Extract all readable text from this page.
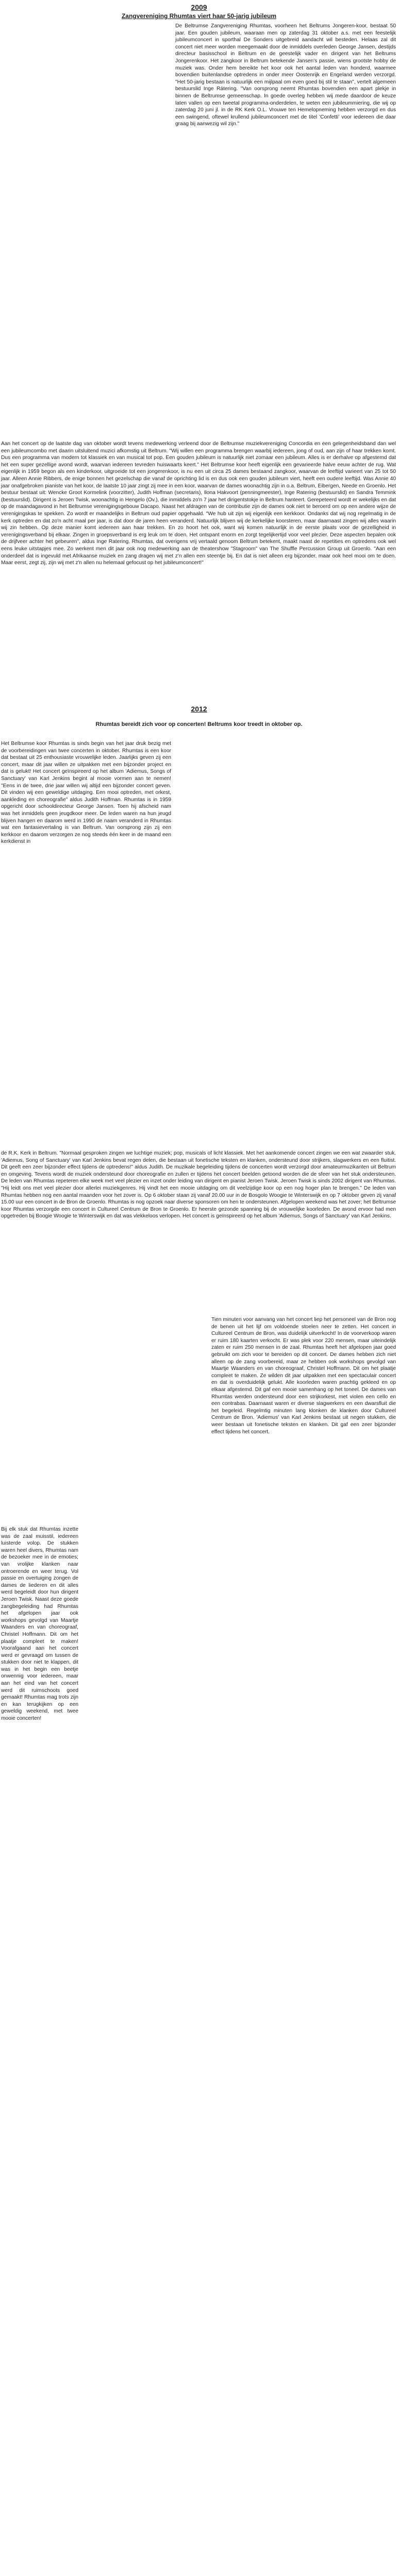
2009
Zangvereniging Rhumtas viert haar 50-jarig jubileum

De Beltrumse Zangvereniging Rhumtas, voorheen het Beltrums Jongeren-koor, bestaat 50 jaar. Een gouden jubileum, waaraan men op zaterdag 31 oktober a.s. met een feestelijk jubileumconcert in sporthal De Sonders uitgebreid aandacht wil besteden. Helaas zal dit concert niet meer worden meegemaakt door de inmiddels overleden George Jansen, destijds directeur basisschool in Beltrum en de geestelijk vader en dirigent van het Beltrums Jongerenkoor. Het zangkoor in Beltrum betekende Jansen's passie, wiens grootste hobby de muziek was. Onder hem bereikte het koor ook het aantal leden van honderd, waarmee bovendien buitenlandse optredens in onder meer Oostenrijk en Engeland werden verzorgd. "Het 50-jarig bestaan is natuurlijk een mijlpaal om even goed bij stil te staan", vertelt algemeen bestuurslid Inge Rátering. "Van oorsprong neemt Rhumtas bovendien een apart plekje in binnen de Beltrumse gemeenschap. In goede overleg hebben wij mede daardoor de keuze laten vallen op een tweetal programma-onderdelen, te weten een jubileummiering, die wij op zaterdag 20 juni jl. in de RK Kerk O.L. Vrouwe ten Hemelopneming hebben verzorgd en dus een swingend, oftewel krullend jubileumconcert met de titel 'Confetti' voor iedereen die daar graag bij aanwezig wil zijn."

Aan het concert op de laatste dag van oktober wordt tevens medewerking verleend door de Beltrumse muziekvereniging Concordia en een gelegenheidsband dan wel een jubileumcombo met daarin uitsluitend muzici afkomstig uit Beltrum. "Wij willen een programma brengen waarbij iedereen, jong of oud, aan zijn of haar trekken komt. Dus een programma van modern tot klassiek en van musical tot pop. Een gouden jubileum is natuurlijk niet zomaar een jubileum. Alles is er derhalve op afgestemd dat het een super gezellige avond wordt, waarvan iedereen tevreden huiswaarts keert." Het Beltrumse koor heeft eigenlijk een gevarieerde halve eeuw achter de rug. Wat eigenlijk in 1959 begon als een kinderkoor, uitgroeide tot een jongerenkoor, is nu een uit circa 25 dames bestaand zangkoor, waarvan de leeftijd varieert van 25 tot 50 jaar. Alleen Annie Ribbers, de enige bonnen het gezelschap die vanaf de oprichting lid is en dus ook een gouden jubileum viert, heeft een oudere leeftijd. Was Annie 40 jaar onafgebroken pianiste van het koor, de laatste 10 jaar zingt zij mee in een koor, waarvan de dames woonachtig zijn in o.a. Beltrum, Eibergen, Neede en Groenlo. Het bestuur bestaat uit: Wencke Groot Kormelink (voorzitter), Judith Hoffman (secretaris), Ilona Hakvoort (penningmeester), Inge Ratering (bestuurslid) en Sandra Temmink (bestuurslid). Dirigent is Jeroen Twisk, woonachtig in Hengelo (Ov.), die inmiddels zo'n 7 jaar het dirigentstokje in Beltrum hanteert. Gerepeteerd wordt er wekelijks en dat op de maandagavond in het Beltrumse verenigingsgebouw Dacapo. Naast het afdragen van de contributie zijn de dames ook niet te beroerd om op een andere wijze de verenigingskas te spekken. Zo wordt er maandelijks in Beltrum oud papier opgehaald. "We hub uit zijn wij eigenlijk een kerkkoor. Ondanks dat wij nog regelmatig in de kerk optreden en dat zo'n acht maal per jaar, is dat door de jaren heen veranderd. Natuurlijk blijven wij de kerkelijke koorsteren, maar daarnaast zingen wij alles waarin wij zin hebben. Op deze manier komt iedereen aan haar trekken. En zo hoort het ook, want wij komen natuurlijk in de eerste plaats voor de gezelligheid in verenigingsverband bij elkaar. Zingen in groepsverband is erg leuk om te doen. Het ontspant enorm en zorgt tegelijkertijd voor veel plezier. Deze aspecten bepalen ook de drijfveer achter het gebeuren", aldus Inge Ratering. Rhumtas, dat overigens vrij vertaald genoom Beltrum betekent, maakt naast de repetities en optredens ook wel eens leuke uitstapjes mee. Zo werkent men dit jaar ook nog medewerking aan de theatershow "Stagroom" van The Shuffle Percussion Group uit Groenlo. "Aan een onderdeel dat is ingevuld met Afrikaanse muziek en zang dragen wij met z'n allen een steentje bij. En dat is niet alleen erg bijzonder, maar ook heel mooi om te doen. Maar eerst, zegt zij, zijn wij met z'n allen nu helemaal gefocust op het jubileumconcert!"

2012
Rhumtas bereidt zich voor op concerten! Beltrums koor treedt in oktober op.

Het Beltrumse koor Rhumtas is sinds begin van het jaar druk bezig met de voorbereidingen van twee concerten in oktober. Rhumtas is een koor dat bestaat uit 25 enthousiaste vrouwelijke leden. Jaarlijks geven zij een concert, maar dit jaar willen ze uitpakken met een bijzonder project en dat is gelukt! Het concert geïnspireerd op het album 'Adiemus, Songs of Sanctuary' van Karl Jenkins begint al mooie vormen aan te nemen! "Eens in de twee, drie jaar willen wij altijd een bijzonder concert geven. Dit vinden wij een geweldige uitdaging. Een mooi optreden, met orkest, aankleding en choreografie" aldus Judith Hoffman. Rhumtas is in 1959 opgericht door schooldirecteur George Jansen. Toen hij afscheid nam was het inmiddels geen jeugdkoor meer. De leden waren na hun jeugd blijven hangen en daarom werd in 1990 de naam veranderd in Rhumtas wat een fantasievertaling is van Beltrum. Van oorsprong zijn zij een kerkkoor en daarom verzorgen ze nog steeds één keer in de maand een kerkdienst in

de R.K. Kerk in Beltrum. "Normaal gesproken zingen we luchtige muziek; pop, musicals of licht klassiek. Met het aankomende concert zingen we een wat zwaarder stuk. 'Adiemus, Song of Sanctuary' van Karl Jenkins bevat regen delen, die bestaan uit fonetische teksten en klanken, ondersteund door strijkers, slagwerkers en een fluitist. Dit geeft een zeer bijzonder effect tijdens de optredens!" aldus Judith. De muzikale begeleiding tijdens de concerten wordt verzorgd door amateurmuzikanten uit Beltrum en omgeving. Tevens wordt de muziek ondersteund door choreografie en zullen er tijdens het concert beelden getoond worden die de sfeer van het stuk ondersteunen. De leden van Rhumtas repeteren elke week met veel plezier en inzet onder leiding van dirigent en pianist Jeroen Twisk. Jeroen Twisk is sinds 2002 dirigent van Rhumtas. "Hij leidt ons met veel plezier door allerlei muziekgenres. Hij vindt het een mooie uitdaging om dit veelzijdige koor op een nog hoger plan te brengen." De leden van Rhumtas hebben nog een aantal maanden voor het zover is. Op 6 oktober staan zij vanaf 20.00 uur in de Bosgolo Woogie te Winterswijk en op 7 oktober geven zij vanaf 15.00 uur een concert in de Bron de Groenlo. Rhumtas is nog opzoek naar diverse sponsoren om hen te ondersteunen. Afgelopen weekend was het zover; het Beltrumse koor Rhumtas verzorgde een concert in Cultureel Centrum de Bron te Groenlo. Er heerste gezonde spanning bij de vrouwelijke koorleden. De avond ervoor had men opgetreden bij Boogie Woogie te Winterswijk en dat was vlekkeloos verlopen. Het concert is geïnspireerd op het album 'Adiemus, Songs of Sanctuary' van Karl Jenkins.

Tien minuten voor aanvang van het concert liep het personeel van de Bron nog de benen uit het lijf om voldoende stoelen neer te zetten. Het concert in Cultureel Centrum de Bron, was duidelijk uitverkocht! In de voorverkoop waren er ruim 180 kaarten verkocht. Er was plek voor 220 mensen, maar uiteindelijk zaten er ruim 250 mensen in de zaal. Rhumtas heeft het afgelopen jaar goed gebruikt om zich voor te bereiden op dit concert. De dames hebben zich niet alleen op de zang voorbereid, maar ze hebben ook workshops gevolgd van Maartje Waanders en van choreograaf, Christel Hoffmann. Dit om het plaatje compleet te maken. Ze wilden dit jaar uitpakken met een spectaculair concert en dat is overduidelijk gelukt. Alle koorleden waren prachtig gekleed en op elkaar afgestemd. Dit gaf een mooie samenhang op het toneel. De dames van Rhumtas werden ondersteund door een strijkorkest, met violen een cello en een contrabas. Daarnaast waren er diverse slagwerkers en een dwarsfluit die het begeleid. Regelmtig minuten lang klonken de klanken door Cultureel Centrum de Bron. 'Adiemus' van Karl Jenkins bestaat uit negen stukken, die weer bestaan uit fonetische teksten en klanken. Dit gaf een zeer bijzonder effect tijdens het concert.

Bij elk stuk dat Rhumtas inzette was de zaal muisstil, iedereen luisterde volop. De stukken waren heel divers, Rhumtas nam de bezoeker mee in de emoties; van vrolijke klanken naar ontroerende en weer terug. Vol passie en overtuiging zongen de dames de liederen en dit alles werd begeleidt door hun dirigent Jeroen Twisk. Naast deze goede zangbegeleiding had Rhumtas het afgelopen jaar ook workshops gevolgd van Maartje Waanders en van choreograaf, Christel Hoffmann. Dit om het plaatje compleet te maken! Voorafgaand aan het concert werd er gevraagd om tussen de stukken door niet te klappen, dit was in het begin een beetje onwennig voor iedereen, maar aan het eind van het concert werd dit ruimschoots goed gemaakt! Rhumtas mag trots zijn en kan terugkijken op een geweldig weekend, met twee mooie concerten!
